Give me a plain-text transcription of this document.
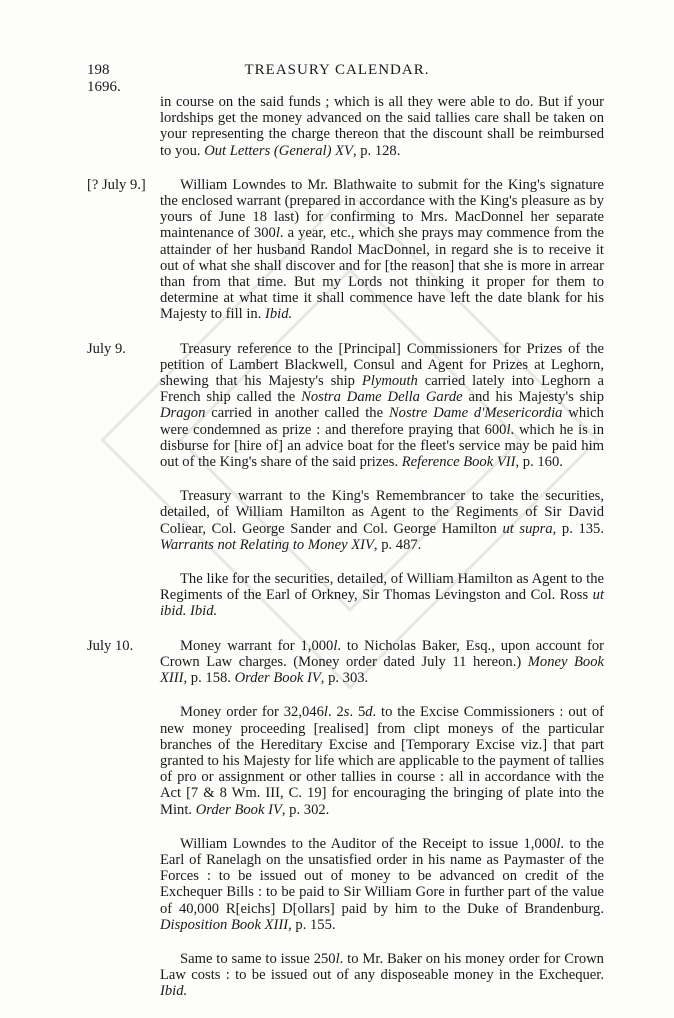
198	TREASURY CALENDAR.
1696.

in course on the said funds ; which is all they were able to do. But if your lordships get the money advanced on the said tallies care shall be taken on your representing the charge thereon that the discount shall be reimbursed to you. Out Letters (General) XV, p. 128.

[? July 9.]	William Lowndes to Mr. Blathwaite to submit for the King's signature the enclosed warrant (prepared in accordance with the King's pleasure as by yours of June 18 last) for confirming to Mrs. MacDonnel her separate maintenance of 300l. a year, etc., which she prays may commence from the attainder of her husband Randol MacDonnel, in regard she is to receive it out of what she shall discover and for [the reason] that she is more in arrear than from that time. But my Lords not thinking it proper for them to determine at what time it shall commence have left the date blank for his Majesty to fill in. Ibid.

July 9.	Treasury reference to the [Principal] Commissioners for Prizes of the petition of Lambert Blackwell, Consul and Agent for Prizes at Leghorn, shewing that his Majesty's ship Plymouth carried lately into Leghorn a French ship called the Nostra Dame Della Garde and his Majesty's ship Dragon carried in another called the Nostre Dame d'Mesericordia which were condemned as prize : and therefore praying that 600l. which he is in disburse for [hire of] an advice boat for the fleet's service may be paid him out of the King's share of the said prizes. Reference Book VII, p. 160.

Treasury warrant to the King's Remembrancer to take the securities, detailed, of William Hamilton as Agent to the Regiments of Sir David Coliear, Col. George Sander and Col. George Hamilton ut supra, p. 135. Warrants not Relating to Money XIV, p. 487.

The like for the securities, detailed, of William Hamilton as Agent to the Regiments of the Earl of Orkney, Sir Thomas Levingston and Col. Ross ut ibid. Ibid.

July 10.	Money warrant for 1,000l. to Nicholas Baker, Esq., upon account for Crown Law charges. (Money order dated July 11 hereon.) Money Book XIII, p. 158. Order Book IV, p. 303.

Money order for 32,046l. 2s. 5d. to the Excise Commissioners : out of new money proceeding [realised] from clipt moneys of the particular branches of the Hereditary Excise and [Temporary Excise viz.] that part granted to his Majesty for life which are applicable to the payment of tallies of pro or assignment or other tallies in course : all in accordance with the Act [7 & 8 Wm. III, C. 19] for encouraging the bringing of plate into the Mint. Order Book IV, p. 302.

William Lowndes to the Auditor of the Receipt to issue 1,000l. to the Earl of Ranelagh on the unsatisfied order in his name as Paymaster of the Forces : to be issued out of money to be advanced on credit of the Exchequer Bills : to be paid to Sir William Gore in further part of the value of 40,000 R[eichs] D[ollars] paid by him to the Duke of Brandenburg. Disposition Book XIII, p. 155.

Same to same to issue 250l. to Mr. Baker on his money order for Crown Law costs : to be issued out of any disposeable money in the Exchequer. Ibid.
